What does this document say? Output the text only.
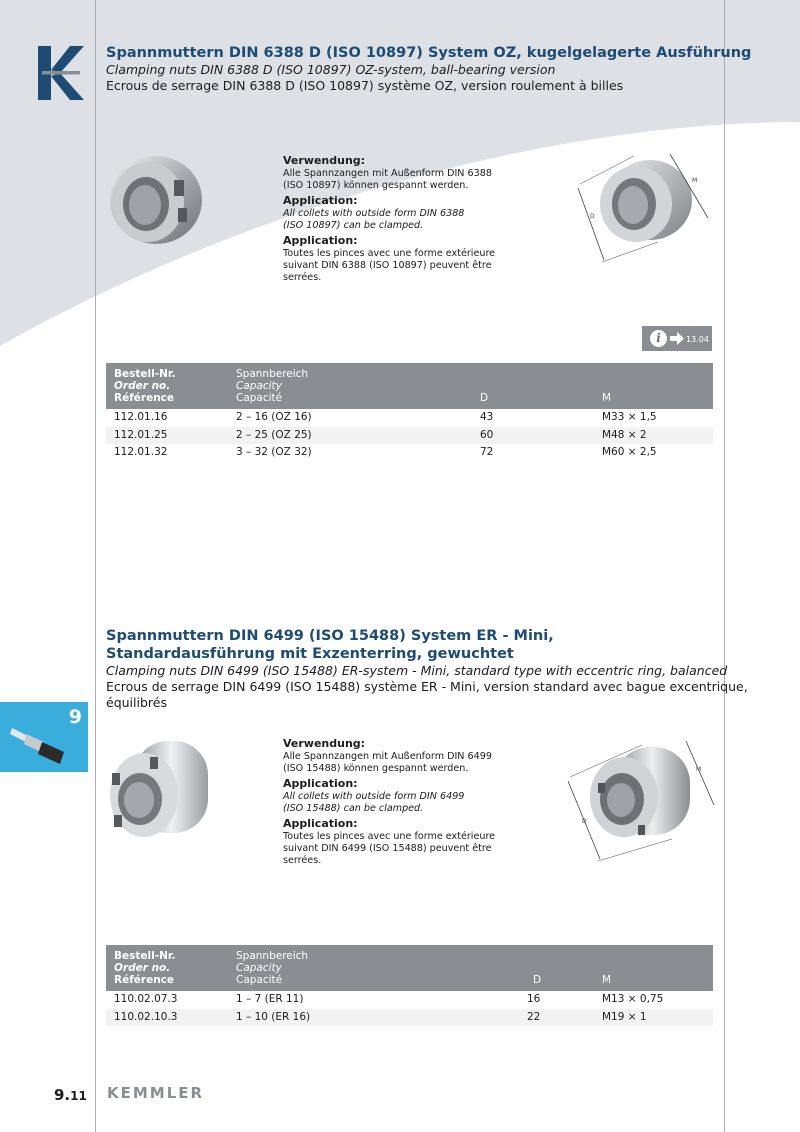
Spannmuttern DIN 6388 D (ISO 10897) System OZ, kugelgelagerte Ausführung
Clamping nuts DIN 6388 D (ISO 10897) OZ-system, ball-bearing version
Ecrous de serrage DIN 6388 D (ISO 10897) système OZ, version roulement à billes
Verwendung:
Alle Spannzangen mit Außenform DIN 6388
(ISO 10897) können gespannt werden.
Application:
All collets with outside form DIN 6388
(ISO 10897) can be clamped.
Application:
Toutes les pinces avec une forme extérieure
suivant DIN 6388 (ISO 10897) peuvent être
serrées.
D
M
i	13.04
Bestell-Nr.
Order no.
Référence
Spannbereich
Capacity
Capacité	D	M
112.01.16	2 – 16 (OZ 16)	43	M33 × 1,5
112.01.25	2 – 25 (OZ 25)	60	M48 × 2
112.01.32	3 – 32 (OZ 32)	72	M60 × 2,5
Spannmuttern DIN 6499 (ISO 15488) System ER - Mini,
Standardausführung mit Exzenterring, gewuchtet
Clamping nuts DIN 6499 (ISO 15488) ER-system - Mini, standard type with eccentric ring, balanced
Ecrous de serrage DIN 6499 (ISO 15488) système ER - Mini, version standard avec bague excentrique,
équilibrés
9
Verwendung:
Alle Spannzangen mit Außenform DIN 6499
(ISO 15488) können gespannt werden.
Application:
All collets with outside form DIN 6499
(ISO 15488) can be clamped.
Application:
Toutes les pinces avec une forme extérieure
suivant DIN 6499 (ISO 15488) peuvent être
serrées.
D
M
Bestell-Nr.
Order no.
Référence
Spannbereich
Capacity
Capacité	D	M
110.02.07.3	1 – 7 (ER 11)	16	M13 × 0,75
110.02.10.3	1 – 10 (ER 16)	22	M19 × 1
9.11 KEMMLER
